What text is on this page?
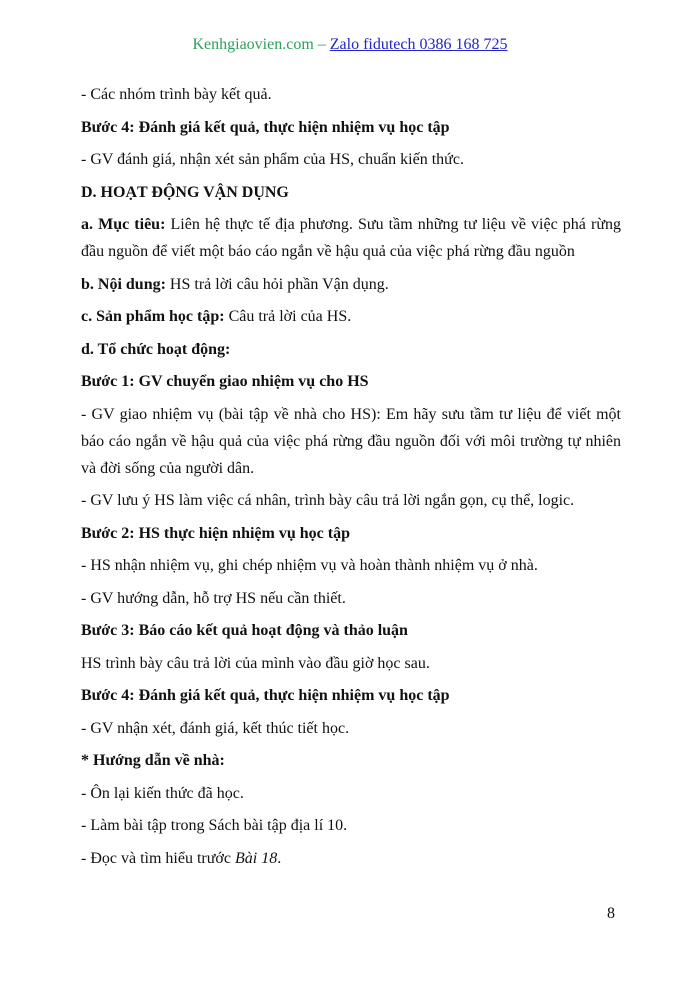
Kenhgiaovien.com – Zalo fidutech 0386 168 725

- Các nhóm trình bày kết quả.

Bước 4: Đánh giá kết quả, thực hiện nhiệm vụ học tập

- GV đánh giá, nhận xét sản phẩm của HS, chuẩn kiến thức.

D. HOẠT ĐỘNG VẬN DỤNG

a. Mục tiêu: Liên hệ thực tế địa phương. Sưu tầm những tư liệu về việc phá rừng đầu nguồn để viết một báo cáo ngắn về hậu quả của việc phá rừng đầu nguồn

b. Nội dung: HS trả lời câu hỏi phần Vận dụng.

c. Sản phẩm học tập: Câu trả lời của HS.

d. Tổ chức hoạt động:

Bước 1: GV chuyển giao nhiệm vụ cho HS

- GV giao nhiệm vụ (bài tập về nhà cho HS): Em hãy sưu tầm tư liệu để viết một báo cáo ngắn về hậu quả của việc phá rừng đầu nguồn đối với môi trường tự nhiên và đời sống của người dân.

- GV lưu ý HS làm việc cá nhân, trình bày câu trả lời ngắn gọn, cụ thể, logic.

Bước 2: HS thực hiện nhiệm vụ học tập

- HS nhận nhiệm vụ, ghi chép nhiệm vụ và hoàn thành nhiệm vụ ở nhà.

- GV hướng dẫn, hỗ trợ HS nếu cần thiết.

Bước 3: Báo cáo kết quả hoạt động và thảo luận

HS trình bày câu trả lời của mình vào đầu giờ học sau.

Bước 4: Đánh giá kết quả, thực hiện nhiệm vụ học tập

- GV nhận xét, đánh giá, kết thúc tiết học.

* Hướng dẫn về nhà:

- Ôn lại kiến thức đã học.

- Làm bài tập trong Sách bài tập địa lí 10.

- Đọc và tìm hiểu trước Bài 18.

8
